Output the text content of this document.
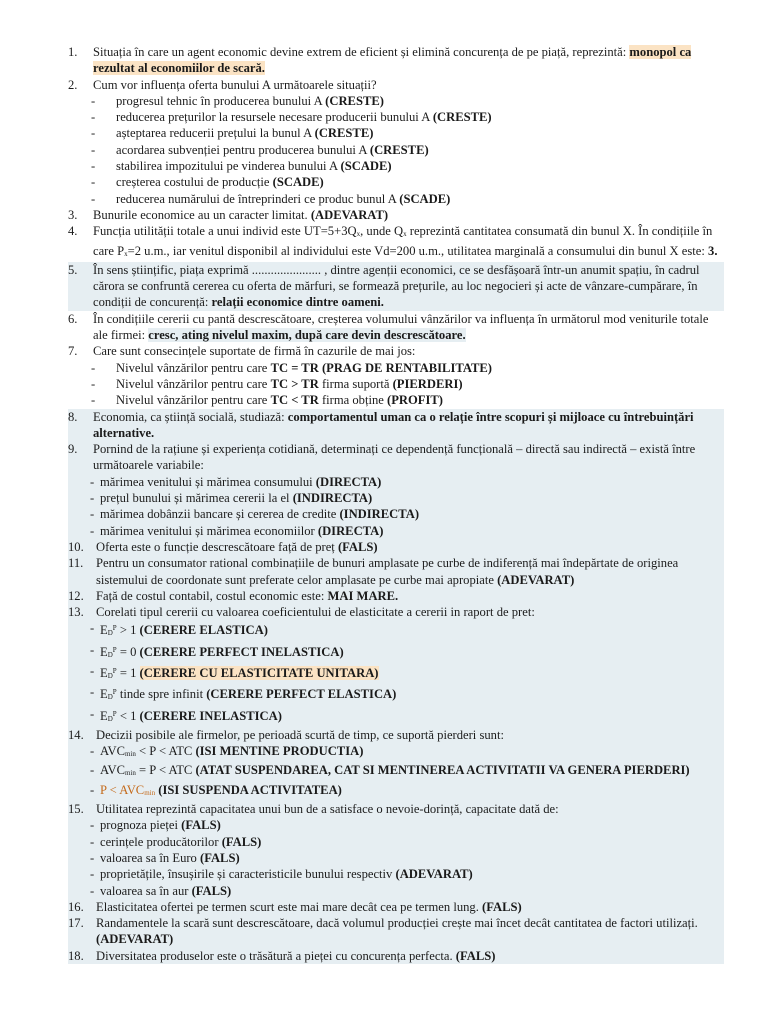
1.	Situația în care un agent economic devine extrem de eficient și elimină concurența de pe piață, reprezintă: monopol ca rezultat al economiilor de scară.
2.	Cum vor influența oferta bunului A următoarele situații?
-	progresul tehnic în producerea bunului A (CRESTE)
-	reducerea prețurilor la resursele necesare producerii bunului A (CRESTE)
-	așteptarea reducerii prețului la bunul A (CRESTE)
-	acordarea subvenției pentru producerea bunului A (CRESTE)
-	stabilirea impozitului pe vinderea bunului A (SCADE)
-	creșterea costului de producție (SCADE)
-	reducerea numărului de întreprinderi ce produc bunul A (SCADE)
3.	Bunurile economice au un caracter limitat. (ADEVARAT)
4.	Funcția utilității totale a unui individ este UT=5+3Qx, unde Qx reprezintă cantitatea consumată din bunul X. În condițiile în care Px=2 u.m., iar venitul disponibil al individului este Vd=200 u.m., utilitatea marginală a consumului din bunul X este: 3.
5.	În sens științific, piața exprimă ...................... , dintre agenții economici, ce se desfășoară într-un anumit spațiu, în cadrul cărora se confruntă cererea cu oferta de mărfuri, se formează prețurile, au loc negocieri și acte de vânzare-cumpărare, în condiții de concurență: relații economice dintre oameni.
6.	În condițiile cererii cu pantă descrescătoare, creșterea volumului vânzărilor va influența în următorul mod veniturile totale ale firmei: cresc, ating nivelul maxim, după care devin descrescătoare.
7.	Care sunt consecințele suportate de firmă în cazurile de mai jos:
-	Nivelul vânzărilor pentru care TC = TR (PRAG DE RENTABILITATE)
-	Nivelul vânzărilor pentru care TC > TR firma suportă (PIERDERI)
-	Nivelul vânzărilor pentru care TC < TR firma obține (PROFIT)
8.	Economia, ca știință socială, studiază: comportamentul uman ca o relație între scopuri și mijloace cu întrebuințări alternative.
9.	Pornind de la rațiune și experiența cotidiană, determinați ce dependență funcțională – directă sau indirectă – există între următoarele variabile:
- mărimea venitului și mărimea consumului (DIRECTA)
- prețul bunului și mărimea cererii la el (INDIRECTA)
- mărimea dobânzii bancare și cererea de credite (INDIRECTA)
- mărimea venitului și mărimea economiilor (DIRECTA)
10. Oferta este o funcție descrescătoare față de preț (FALS)
11.	Pentru un consumator rational combinațiile de bunuri amplasate pe curbe de indiferență mai îndepărtate de originea sistemului de coordonate sunt preferate celor amplasate pe curbe mai apropiate (ADEVARAT)
12. Față de costul contabil, costul economic este: MAI MARE.
13. Corelati tipul cererii cu valoarea coeficientului de elasticitate a cererii in raport de pret:
- $ED^P > 1$ (CERERE ELASTICA)
- $ED^P = 0$ (CERERE PERFECT INELASTICA)
- $ED^P = 1$ (CERERE CU ELASTICITATE UNITARA)
- $ED^P$ tinde spre infinit (CERERE PERFECT ELASTICA)
- $ED^P < 1$ (CERERE INELASTICA)
14. Decizii posibile ale firmelor, pe perioadă scurtă de timp, ce suportă pierderi sunt:
- AVCmin < P < ATC (ISI MENTINE PRODUCTIA)
- AVCmin = P < ATC (ATAT SUSPENDAREA, CAT SI MENTINEREA ACTIVITATII VA GENERA PIERDERI)
- P < AVCmin (ISI SUSPENDA ACTIVITATEA)
15. Utilitatea reprezintă capacitatea unui bun de a satisface o nevoie-dorință, capacitate dată de:
- prognoza pieței (FALS)
- cerințele producătorilor (FALS)
- valoarea sa în Euro (FALS)
- proprietățile, însușirile și caracteristicile bunului respectiv (ADEVARAT)
- valoarea sa în aur (FALS)
16. Elasticitatea ofertei pe termen scurt este mai mare decât cea pe termen lung. (FALS)
17. Randamentele la scară sunt descrescătoare, dacă volumul producției crește mai încet decât cantitatea de factori utilizați. (ADEVARAT)
18. Diversitatea produselor este o trăsătură a pieței cu concurența perfecta. (FALS)
